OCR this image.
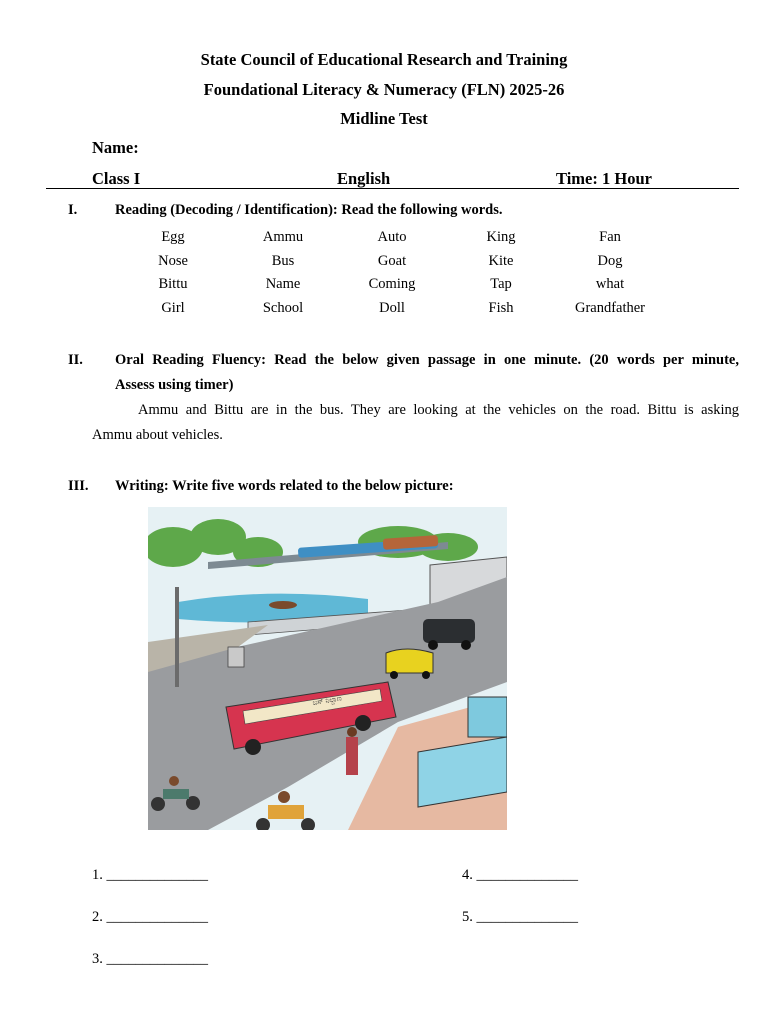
State Council of Educational Research and Training
Foundational Literacy & Numeracy (FLN) 2025-26
Midline Test
Name:
Class I	English	Time: 1 Hour
I.	Reading (Decoding / Identification): Read the following words.
Egg	Ammu	Auto	King	Fan
Nose	Bus	Goat	Kite	Dog
Bittu	Name	Coming	Tap	what
Girl	School	Doll	Fish	Grandfather
II. Oral Reading Fluency: Read the below given passage in one minute. (20 words per minute,
Assess using timer)
Ammu and Bittu are in the bus. They are looking at the vehicles on the road. Bittu is asking
Ammu about vehicles.
III. Writing: Write five words related to the below picture:
ಬಸ್ ನಿಲ್ದಾಣ
1. ______________
2. ______________
3. ______________
4. ______________
5. ______________
